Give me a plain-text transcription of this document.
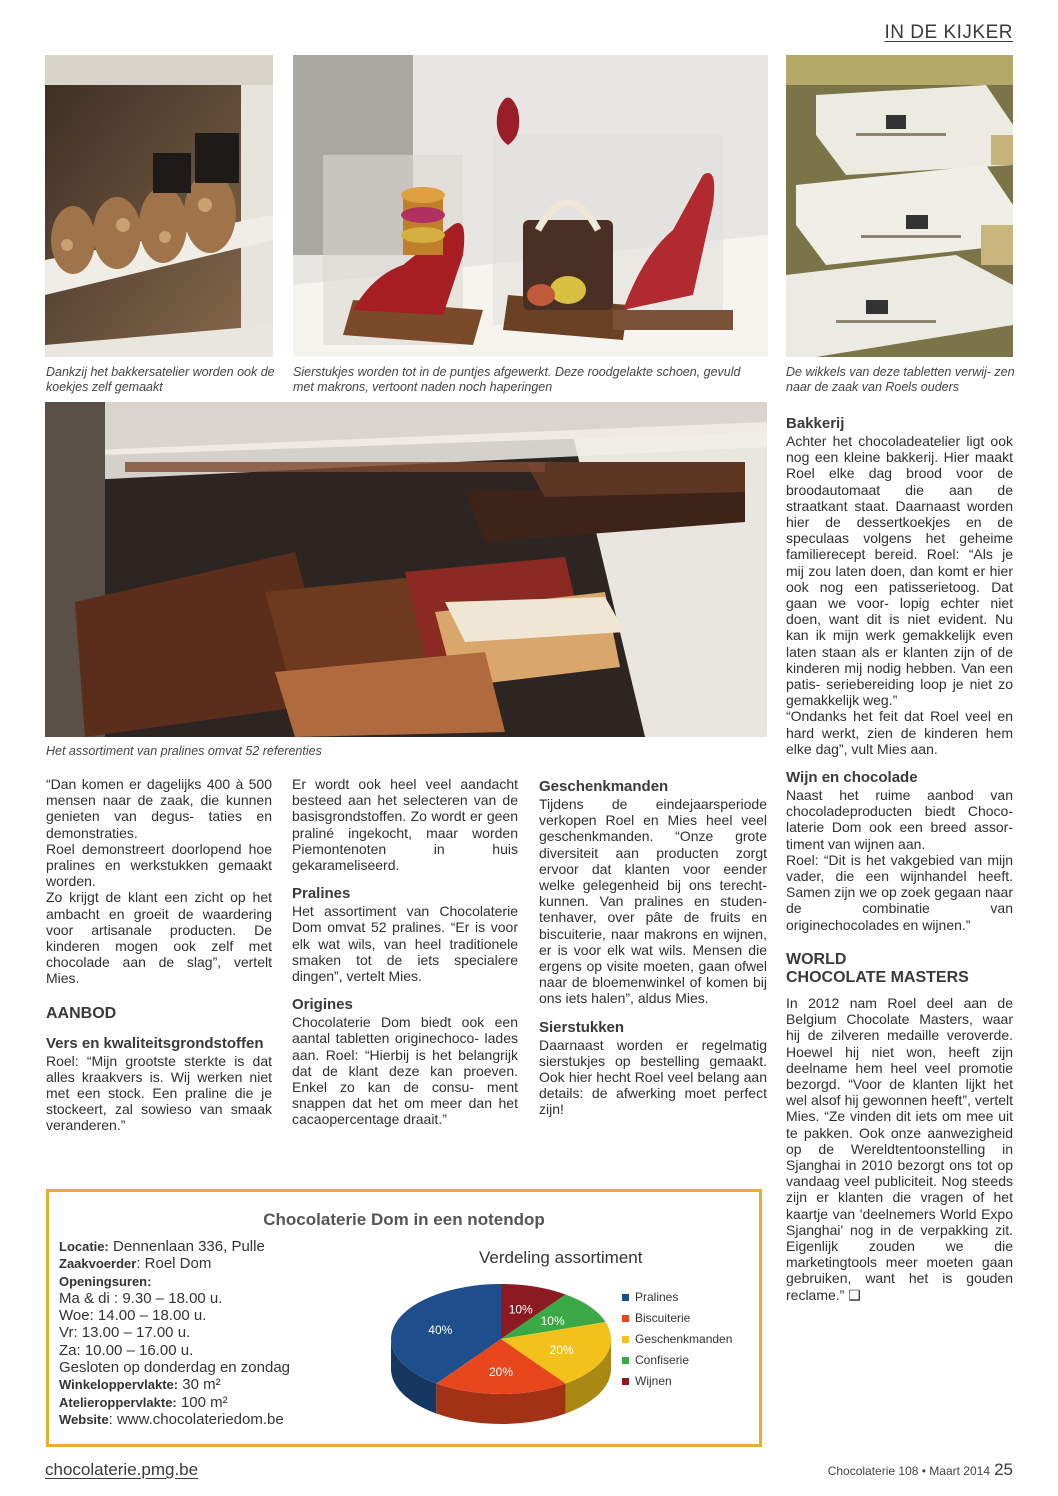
IN DE KIJKER
Dankzij het bakkersatelier worden ook de koekjes zelf gemaakt
Sierstukjes worden tot in de puntjes afgewerkt. Deze roodgelakte schoen, gevuld met makrons, vertoont naden noch haperingen
De wikkels van deze tabletten verwij- zen naar de zaak van Roels ouders
Het assortiment van pralines omvat 52 referenties

“Dan komen er dagelijks 400 à 500 mensen naar de zaak, die kunnen genieten van degus- taties en demonstraties.

Roel demonstreert doorlopend hoe pralines en werkstukken gemaakt worden.

Zo krijgt de klant een zicht op het ambacht en groeit de waardering voor artisanale producten. De kinderen mogen ook zelf met chocolade aan de slag”, vertelt Mies.

AANBOD
Vers en kwaliteitsgrondstoffen

Roel: “Mijn grootste sterkte is dat alles kraakvers is. Wij werken niet met een stock. Een praline die je stockeert, zal sowieso van smaak veranderen.”

Er wordt ook heel veel aandacht besteed aan het selecteren van de basisgrondstoffen. Zo wordt er geen praliné ingekocht, maar worden Piemontenoten in huis gekarameliseerd.

Pralines

Het assortiment van Chocolaterie Dom omvat 52 pralines. “Er is voor elk wat wils, van heel traditionele smaken tot de iets specialere dingen”, vertelt Mies.

Origines

Chocolaterie Dom biedt ook een aantal tabletten originechoco- lades aan. Roel: “Hierbij is het belangrijk dat de klant deze kan proeven. Enkel zo kan de consu- ment snappen dat het om meer dan het cacaopercentage draait.”

Geschenkmanden

Tijdens de eindejaarsperiode verkopen Roel en Mies heel veel geschenkmanden. “Onze grote diversiteit aan producten zorgt ervoor dat klanten voor eender welke gelegenheid bij ons terecht- kunnen. Van pralines en studen- tenhaver, over pâte de fruits en biscuiterie, naar makrons en wijnen, er is voor elk wat wils. Mensen die ergens op visite moeten, gaan ofwel naar de bloemenwinkel of komen bij ons iets halen”, aldus Mies.

Sierstukken

Daarnaast worden er regelmatig sierstukjes op bestelling gemaakt. Ook hier hecht Roel veel belang aan details: de afwerking moet perfect zijn!

Bakkerij

Achter het chocoladeatelier ligt ook nog een kleine bakkerij. Hier maakt Roel elke dag brood voor de broodautomaat die aan de straatkant staat. Daarnaast worden hier de dessertkoekjes en de speculaas volgens het geheime familierecept bereid. Roel: “Als je mij zou laten doen, dan komt er hier ook nog een patisserietoog. Dat gaan we voor- lopig echter niet doen, want dit is niet evident. Nu kan ik mijn werk gemakkelijk even laten staan als er klanten zijn of de kinderen mij nodig hebben. Van een patis- seriebereiding loop je niet zo gemakkelijk weg.”

“Ondanks het feit dat Roel veel en hard werkt, zien de kinderen hem elke dag”, vult Mies aan.

Wijn en chocolade

Naast het ruime aanbod van chocoladeproducten biedt Choco- laterie Dom ook een breed assor- timent van wijnen aan.

Roel: “Dit is het vakgebied van mijn vader, die een wijnhandel heeft. Samen zijn we op zoek gegaan naar de combinatie van originechocolades en wijnen.”

WORLD
CHOCOLATE MASTERS

In 2012 nam Roel deel aan de Belgium Chocolate Masters, waar hij de zilveren medaille veroverde. Hoewel hij niet won, heeft zijn deelname hem heel veel promotie bezorgd. “Voor de klanten lijkt het wel alsof hij gewonnen heeft”, vertelt Mies. “Ze vinden dit iets om mee uit te pakken. Ook onze aanwezigheid op de Wereldtentoonstelling in Sjanghai in 2010 bezorgt ons tot op vandaag veel publiciteit. Nog steeds zijn er klanten die vragen of het kaartje van 'deelnemers World Expo Sjanghai' nog in de verpakking zit. Eigenlijk zouden we die marketingtools meer moeten gaan gebruiken, want het is gouden reclame.” ❑

Chocolaterie Dom in een notendop
Locatie: Dennenlaan 336, Pulle
Zaakvoerder: Roel Dom
Openingsuren:
Ma & di : 9.30 – 18.00 u.
Woe: 14.00 – 18.00 u.
Vr: 13.00 – 17.00 u.
Za: 10.00 – 16.00 u.
Gesloten op donderdag en zondag
Winkeloppervlakte: 30 m²
Atelieroppervlakte: 100 m²
Website: www.chocolateriedom.be
Verdeling assortiment
10%
10%
20%
20%
40%
Pralines
Biscuiterie
Geschenkmanden
Confiserie
Wijnen
chocolaterie.pmg.be	Chocolaterie 108 • Maart 2014 25
